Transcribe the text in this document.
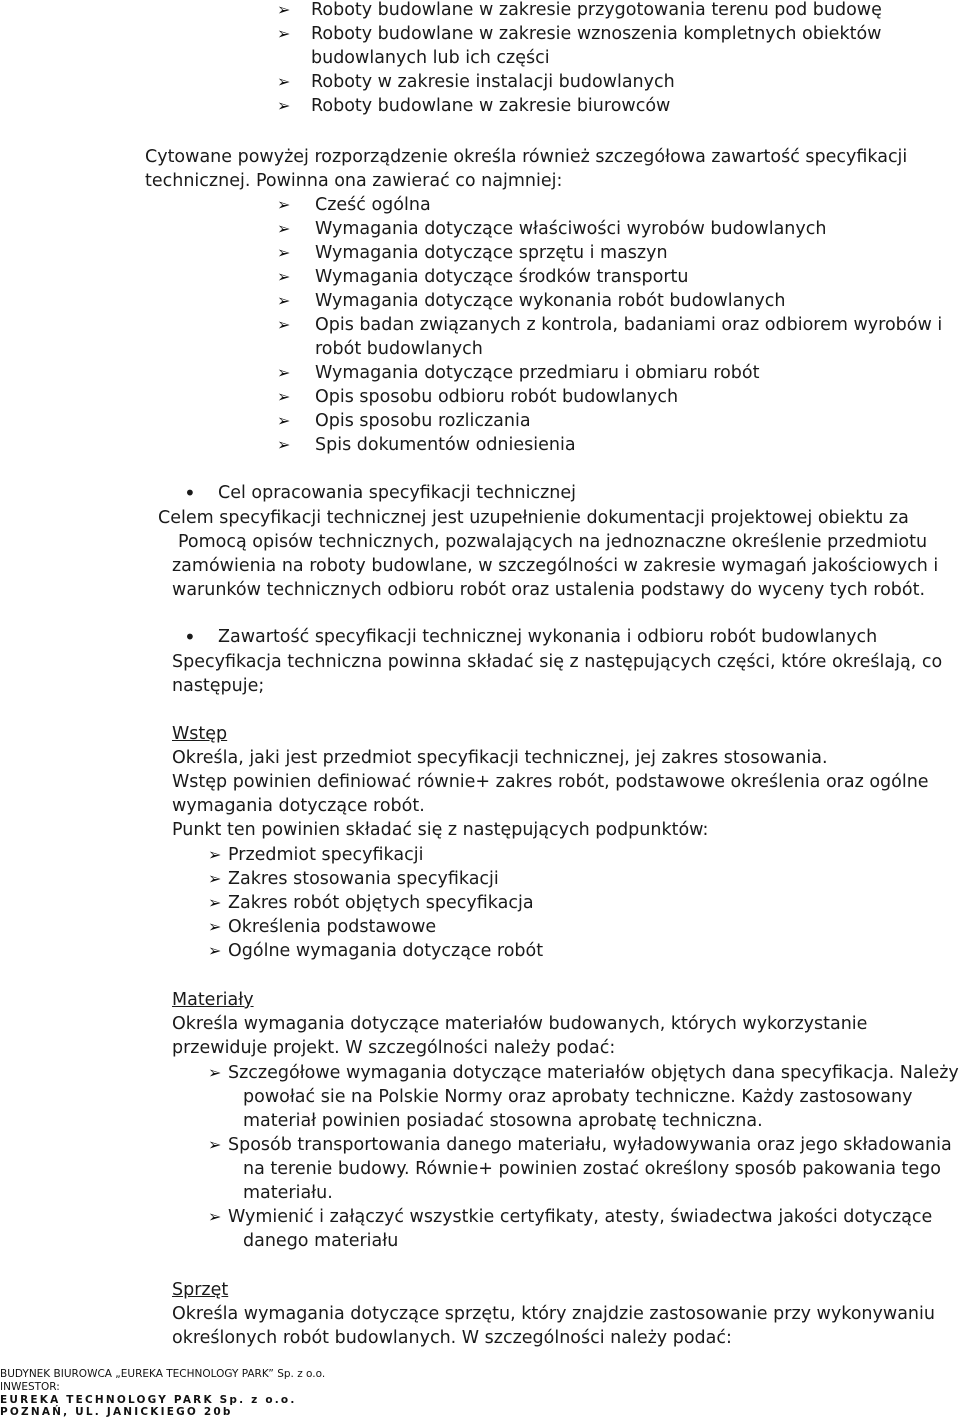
➢ Roboty budowlane w zakresie przygotowania terenu pod budowę
➢ Roboty budowlane w zakresie wznoszenia kompletnych obiektów
budowlanych lub ich części
➢ Roboty w zakresie instalacji budowlanych
➢ Roboty budowlane w zakresie biurowców
Cytowane powyżej rozporządzenie określa również szczegółowa zawartość specyfikacji
technicznej. Powinna ona zawierać co najmniej:
➢ Cześć ogólna
➢ Wymagania dotyczące właściwości wyrobów budowlanych
➢ Wymagania dotyczące sprzętu i maszyn
➢ Wymagania dotyczące środków transportu
➢ Wymagania dotyczące wykonania robót budowlanych
➢ Opis badan związanych z kontrola, badaniami oraz odbiorem wyrobów i
robót budowlanych
➢ Wymagania dotyczące przedmiaru i obmiaru robót
➢ Opis sposobu odbioru robót budowlanych
➢ Opis sposobu rozliczania
➢ Spis dokumentów odniesienia
• Cel opracowania specyfikacji technicznej
Celem specyfikacji technicznej jest uzupełnienie dokumentacji projektowej obiektu za
Pomocą opisów technicznych, pozwalających na jednoznaczne określenie przedmiotu
zamówienia na roboty budowlane, w szczególności w zakresie wymagań jakościowych i
warunków technicznych odbioru robót oraz ustalenia podstawy do wyceny tych robót.
• Zawartość specyfikacji technicznej wykonania i odbioru robót budowlanych
Specyfikacja techniczna powinna składać się z następujących części, które określają, co
następuje;
Wstęp
Określa, jaki jest przedmiot specyfikacji technicznej, jej zakres stosowania.
Wstęp powinien definiować równie+ zakres robót, podstawowe określenia oraz ogólne
wymagania dotyczące robót.
Punkt ten powinien składać się z następujących podpunktów:
➢ Przedmiot specyfikacji
➢ Zakres stosowania specyfikacji
➢ Zakres robót objętych specyfikacja
➢ Określenia podstawowe
➢ Ogólne wymagania dotyczące robót
Materiały
Określa wymagania dotyczące materiałów budowanych, których wykorzystanie
przewiduje projekt. W szczególności należy podać:
➢ Szczegółowe wymagania dotyczące materiałów objętych dana specyfikacja. Należy
powołać sie na Polskie Normy oraz aprobaty techniczne. Każdy zastosowany
materiał powinien posiadać stosowna aprobatę techniczna.
➢ Sposób transportowania danego materiału, wyładowywania oraz jego składowania
na terenie budowy. Równie+ powinien zostać określony sposób pakowania tego
materiału.
➢ Wymienić i załączyć wszystkie certyfikaty, atesty, świadectwa jakości dotyczące
danego materiału
Sprzęt
Określa wymagania dotyczące sprzętu, który znajdzie zastosowanie przy wykonywaniu
określonych robót budowlanych. W szczególności należy podać:
BUDYNEK BIUROWCA „EUREKA TECHNOLOGY PARK” Sp. z o.o.
INWESTOR:
EUREKA TECHNOLOGY PARK Sp. z o.o.
POZNAŃ, UL. JANICKIEGO 20b
